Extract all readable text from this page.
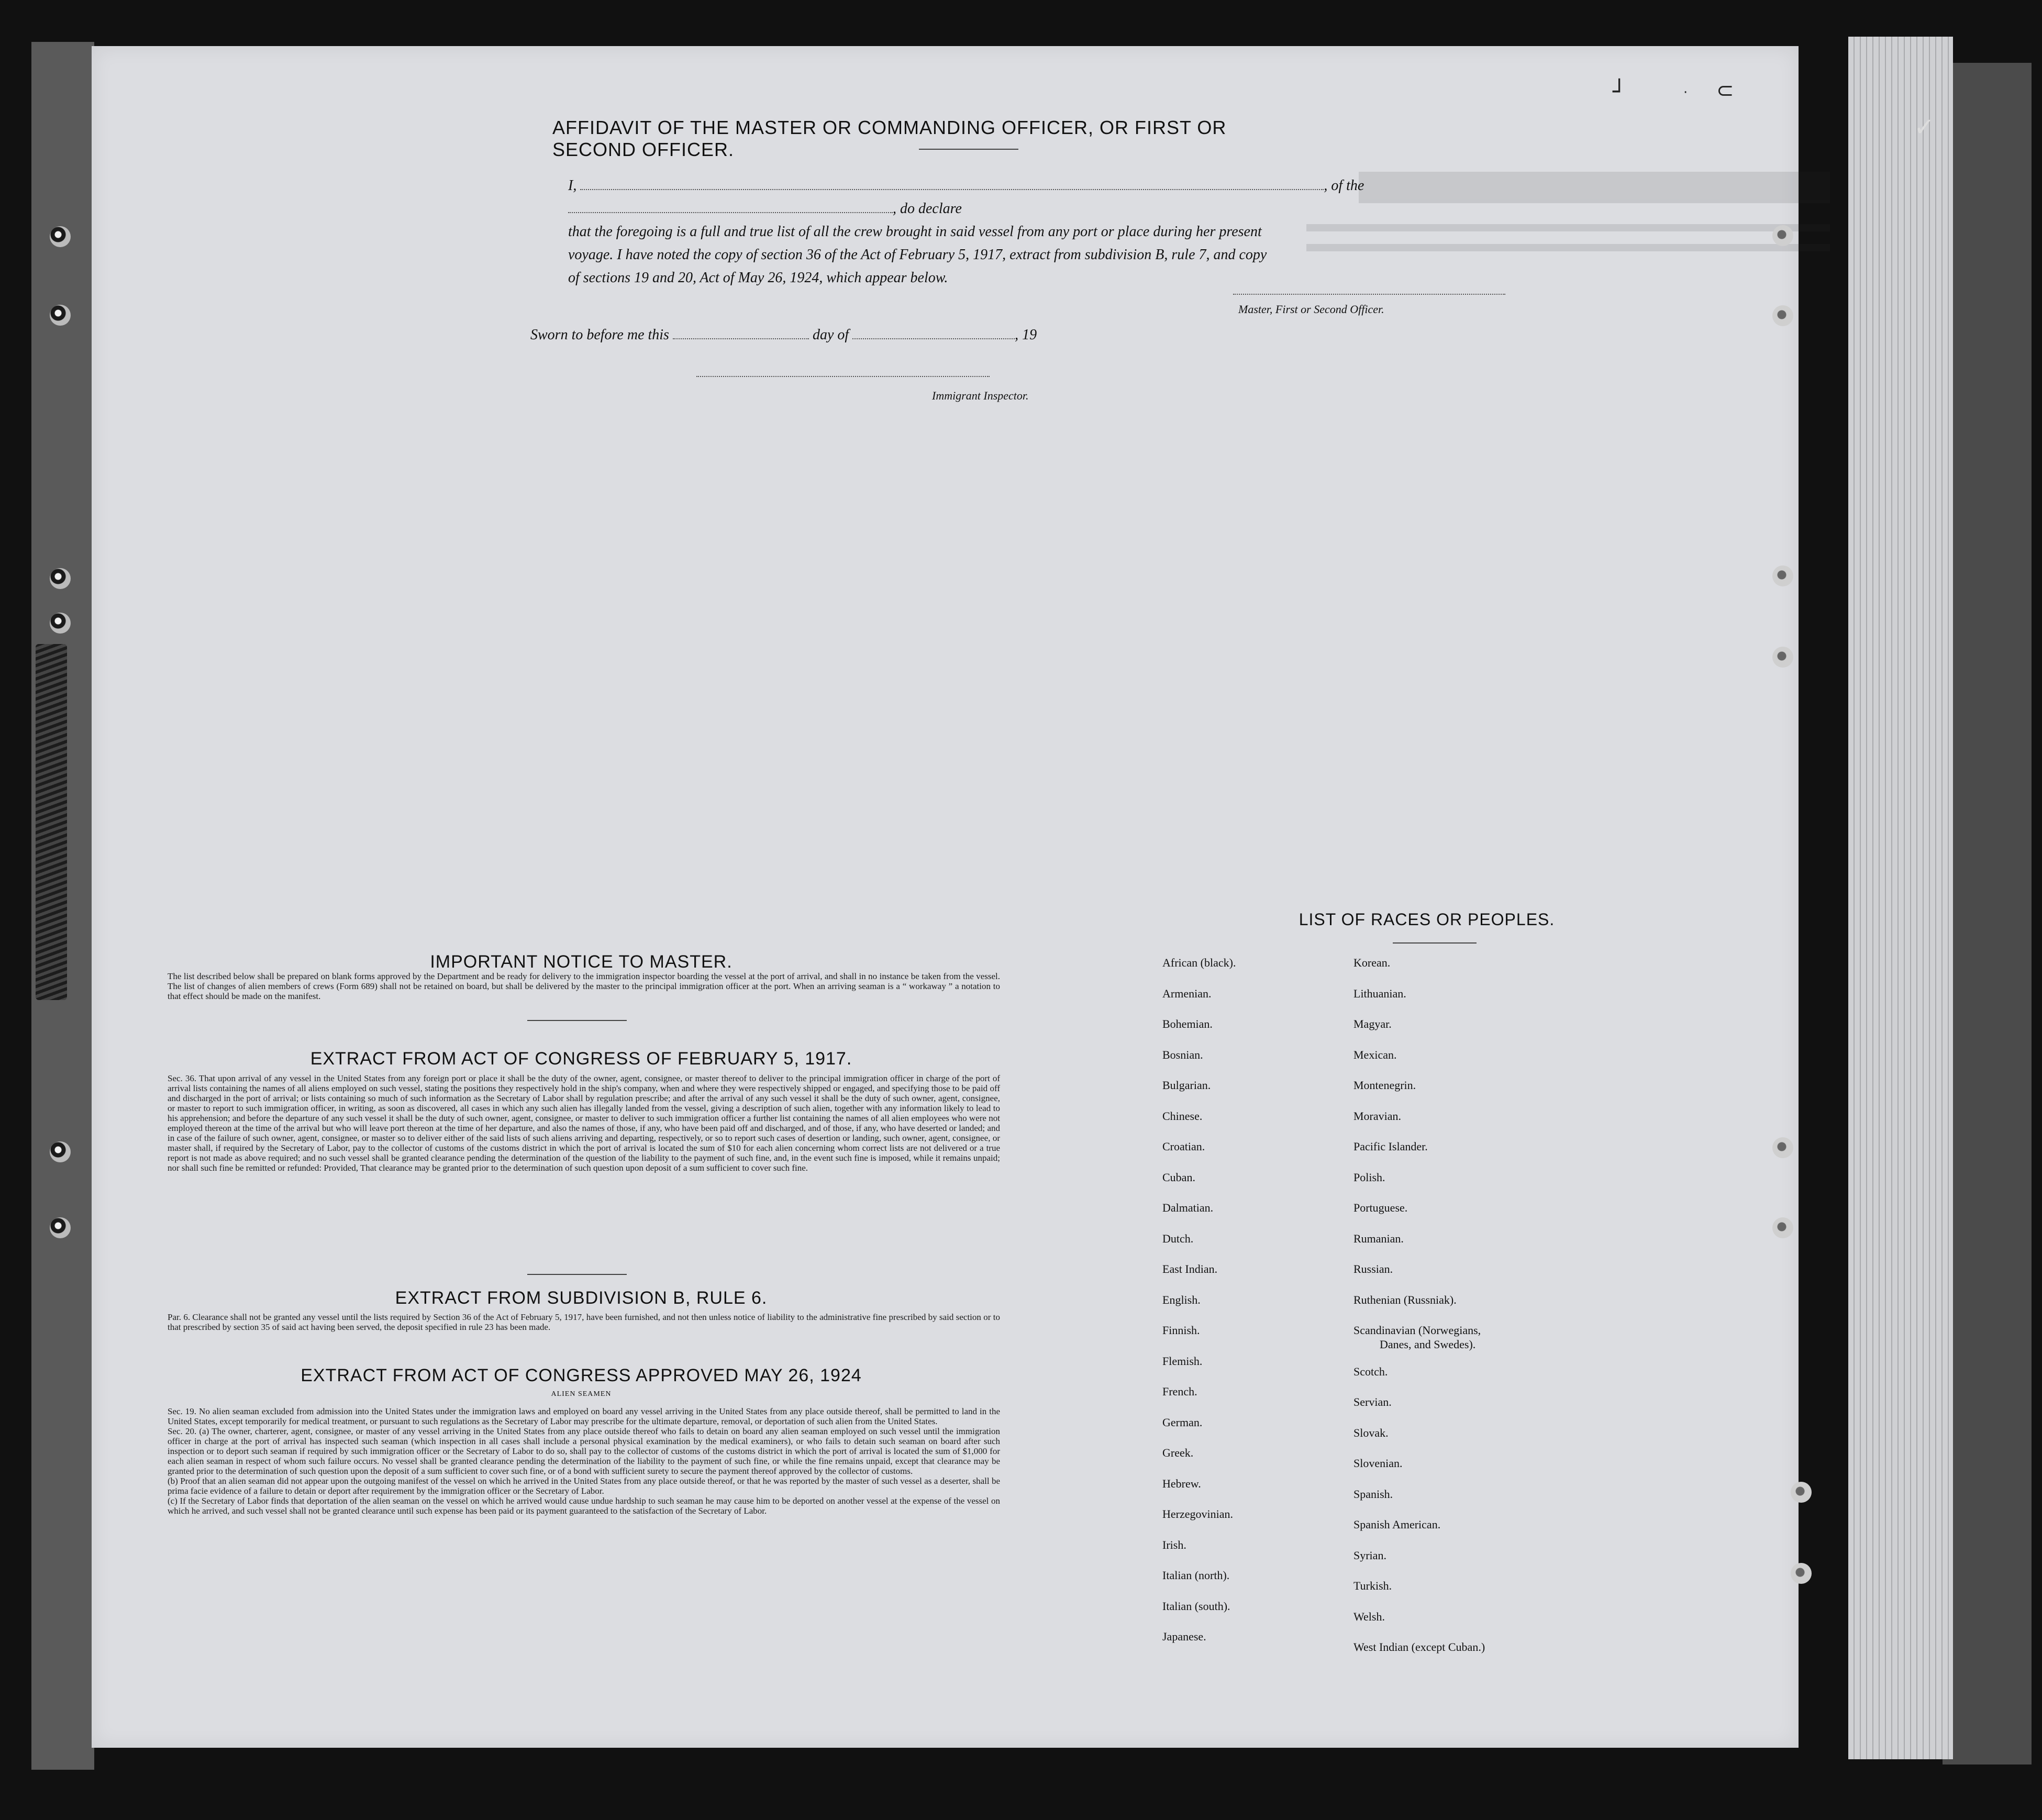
AFFIDAVIT OF THE MASTER OR COMMANDING OFFICER, OR FIRST OR SECOND OFFICER.
I,	, of the , do declare
that the foregoing is a full and true list of all the crew brought in said vessel from any port or place during her present
voyage. I have noted the copy of section 36 of the Act of February 5, 1917, extract from subdivision B, rule 7, and copy
of sections 19 and 20, Act of May 26, 1924, which appear below.
Master, First or Second Officer.
Sworn to before me this	day of	, 19
Immigrant Inspector.
IMPORTANT NOTICE TO MASTER.
The list described below shall be prepared on blank forms approved by the Department and be ready for delivery to the immigration inspector boarding the vessel at the port of arrival, and shall in no instance be taken from the vessel. The list of changes of alien members of crews (Form 689) shall not be retained on board, but shall be delivered by the master to the principal immigration officer at the port. When an arriving seaman is a “ workaway ” a notation to that effect should be made on the manifest.
EXTRACT FROM ACT OF CONGRESS OF FEBRUARY 5, 1917.
Sec. 36. That upon arrival of any vessel in the United States from any foreign port or place it shall be the duty of the owner, agent, consignee, or master thereof to deliver to the principal immigration officer in charge of the port of arrival lists containing the names of all aliens employed on such vessel, stating the positions they respectively hold in the ship's company, when and where they were respectively shipped or engaged, and specifying those to be paid off and discharged in the port of arrival; or lists containing so much of such information as the Secretary of Labor shall by regulation prescribe; and after the arrival of any such vessel it shall be the duty of such owner, agent, consignee, or master to report to such immigration officer, in writing, as soon as discovered, all cases in which any such alien has illegally landed from the vessel, giving a description of such alien, together with any information likely to lead to his apprehension; and before the departure of any such vessel it shall be the duty of such owner, agent, consignee, or master to deliver to such immigration officer a further list containing the names of all alien employees who were not employed thereon at the time of the arrival but who will leave port thereon at the time of her departure, and also the names of those, if any, who have been paid off and discharged, and of those, if any, who have deserted or landed; and in case of the failure of such owner, agent, consignee, or master so to deliver either of the said lists of such aliens arriving and departing, respectively, or so to report such cases of desertion or landing, such owner, agent, consignee, or master shall, if required by the Secretary of Labor, pay to the collector of customs of the customs district in which the port of arrival is located the sum of $10 for each alien concerning whom correct lists are not delivered or a true report is not made as above required; and no such vessel shall be granted clearance pending the determination of the question of the liability to the payment of such fine, and, in the event such fine is imposed, while it remains unpaid; nor shall such fine be remitted or refunded: Provided, That clearance may be granted prior to the determination of such question upon deposit of a sum sufficient to cover such fine.
EXTRACT FROM SUBDIVISION B, RULE 6.
Par. 6. Clearance shall not be granted any vessel until the lists required by Section 36 of the Act of February 5, 1917, have been furnished, and not then unless notice of liability to the administrative fine prescribed by said section or to that prescribed by section 35 of said act having been served, the deposit specified in rule 23 has been made.
EXTRACT FROM ACT OF CONGRESS APPROVED MAY 26, 1924
ALIEN SEAMEN
Sec. 19. No alien seaman excluded from admission into the United States under the immigration laws and employed on board any vessel arriving in the United States from any place outside thereof, shall be permitted to land in the United States, except temporarily for medical treatment, or pursuant to such regulations as the Secretary of Labor may prescribe for the ultimate departure, removal, or deportation of such alien from the United States.
Sec. 20. (a) The owner, charterer, agent, consignee, or master of any vessel arriving in the United States from any place outside thereof who fails to detain on board any alien seaman employed on such vessel until the immigration officer in charge at the port of arrival has inspected such seaman (which inspection in all cases shall include a personal physical examination by the medical examiners), or who fails to detain such seaman on board after such inspection or to deport such seaman if required by such immigration officer or the Secretary of Labor to do so, shall pay to the collector of customs of the customs district in which the port of arrival is located the sum of $1,000 for each alien seaman in respect of whom such failure occurs. No vessel shall be granted clearance pending the determination of the liability to the payment of such fine, or while the fine remains unpaid, except that clearance may be granted prior to the determination of such question upon the deposit of a sum sufficient to cover such fine, or of a bond with sufficient surety to secure the payment thereof approved by the collector of customs.
(b) Proof that an alien seaman did not appear upon the outgoing manifest of the vessel on which he arrived in the United States from any place outside thereof, or that he was reported by the master of such vessel as a deserter, shall be prima facie evidence of a failure to detain or deport after requirement by the immigration officer or the Secretary of Labor.
(c) If the Secretary of Labor finds that deportation of the alien seaman on the vessel on which he arrived would cause undue hardship to such seaman he may cause him to be deported on another vessel at the expense of the vessel on which he arrived, and such vessel shall not be granted clearance until such expense has been paid or its payment guaranteed to the satisfaction of the Secretary of Labor.
LIST OF RACES OR PEOPLES.
African (black).
Armenian.
Bohemian.
Bosnian.
Bulgarian.
Chinese.
Croatian.
Cuban.
Dalmatian.
Dutch.
East Indian.
English.
Finnish.
Flemish.
French.
German.
Greek.
Hebrew.
Herzegovinian.
Irish.
Italian (north).
Italian (south).
Japanese.
Korean.
Lithuanian.
Magyar.
Mexican.
Montenegrin.
Moravian.
Pacific Islander.
Polish.
Portuguese.
Rumanian.
Russian.
Ruthenian (Russniak).
Scandinavian (Norwegians,
Danes, and Swedes).
Scotch.
Servian.
Slovak.
Slovenian.
Spanish.
Spanish American.
Syrian.
Turkish.
Welsh.
West Indian (except Cuban.)
┘	· ⊂
✓
